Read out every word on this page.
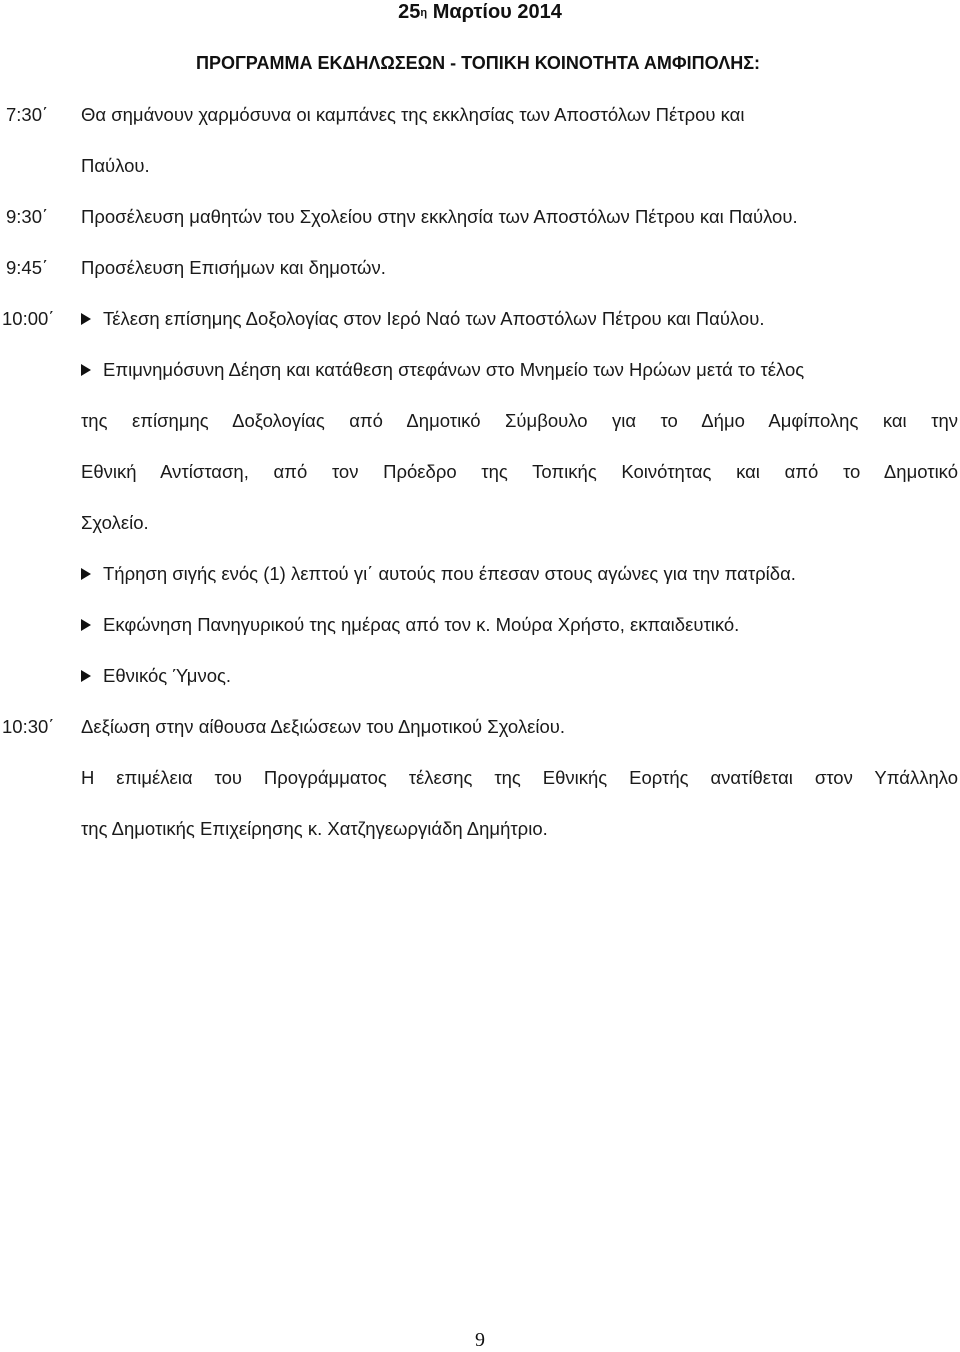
$25^\eta$ Μαρτίου 2014
ΠΡΟΓΡΑΜΜΑ ΕΚΔΗΛΩΣΕΩΝ - ΤΟΠΙΚΗ ΚΟΙΝΟΤΗΤΑ ΑΜΦΙΠΟΛΗΣ:
7:30΄ Θα σημάνουν χαρμόσυνα οι καμπάνες της εκκλησίας των Αποστόλων Πέτρου και
Παύλου.
9:30΄ Προσέλευση μαθητών του Σχολείου στην εκκλησία των Αποστόλων Πέτρου και Παύλου.
9:45΄ Προσέλευση Επισήμων και δημοτών.
10:00΄	Τέλεση επίσημης Δοξολογίας στον Ιερό Ναό των Αποστόλων Πέτρου και Παύλου.
Επιμνημόσυνη Δέηση και κατάθεση στεφάνων στο Μνημείο των Ηρώων μετά το τέλος
της επίσημης Δοξολογίας από Δημοτικό Σύμβουλο για το Δήμο Αμφίπολης και την
Εθνική Αντίσταση, από τον Πρόεδρο της Τοπικής Κοινότητας και από το Δημοτικό
Σχολείο.
Τήρηση σιγής ενός (1) λεπτού γι΄ αυτούς που έπεσαν στους αγώνες για την πατρίδα.
Εκφώνηση Πανηγυρικού της ημέρας από τον κ. Μούρα Χρήστο, εκπαιδευτικό.
Εθνικός Ύμνος.
10:30΄ Δεξίωση στην αίθουσα Δεξιώσεων του Δημοτικού Σχολείου.
Η επιμέλεια του Προγράμματος τέλεσης της Εθνικής Εορτής ανατίθεται στον Υπάλληλο
της Δημοτικής Επιχείρησης κ. Χατζηγεωργιάδη Δημήτριο.
9
